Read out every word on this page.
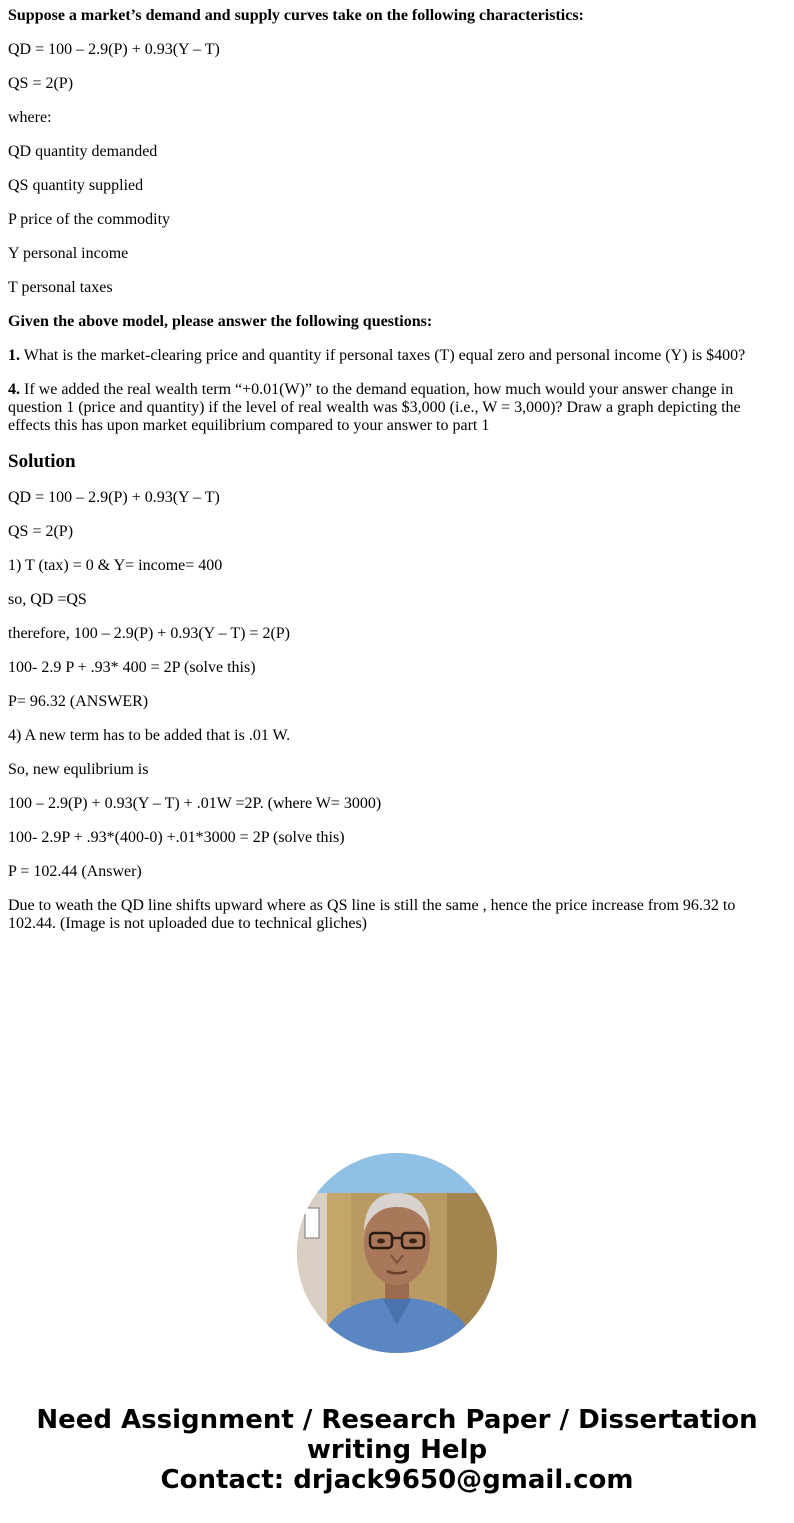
Suppose a market’s demand and supply curves take on the following characteristics:

QD = 100 – 2.9(P) + 0.93(Y – T)

QS = 2(P)

where:

QD quantity demanded

QS quantity supplied

P price of the commodity

Y personal income

T personal taxes

Given the above model, please answer the following questions:

1. What is the market-clearing price and quantity if personal taxes (T) equal zero and personal income (Y) is $400?

4. If we added the real wealth term “+0.01(W)” to the demand equation, how much would your answer change in question 1 (price and quantity) if the level of real wealth was $3,000 (i.e., W = 3,000)? Draw a graph depicting the effects this has upon market equilibrium compared to your answer to part 1

Solution

QD = 100 – 2.9(P) + 0.93(Y – T)

QS = 2(P)

1) T (tax) = 0 & Y= income= 400

so, QD =QS

therefore, 100 – 2.9(P) + 0.93(Y – T) = 2(P)

100- 2.9 P + .93* 400 = 2P (solve this)

P= 96.32 (ANSWER)

4) A new term has to be added that is .01 W.

So, new equlibrium is

100 – 2.9(P) + 0.93(Y – T) + .01W =2P. (where W= 3000)

100- 2.9P + .93*(400-0) +.01*3000 = 2P (solve this)

P = 102.44 (Answer)

Due to weath the QD line shifts upward where as QS line is still the same , hence the price increase from 96.32 to 102.44. (Image is not uploaded due to technical gliches)

Need Assignment / Research Paper / Dissertation
writing Help
Contact: drjack9650@gmail.com
